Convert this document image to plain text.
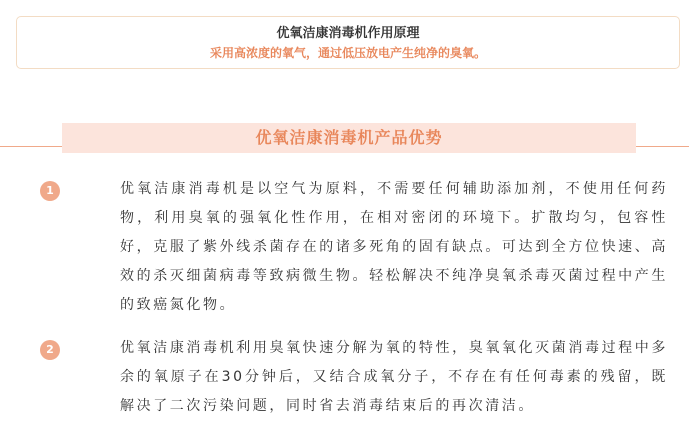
优氧洁康消毒机作用原理
采用高浓度的氧气，通过低压放电产生纯净的臭氧。
优氧洁康消毒机产品优势
1	优氧洁康消毒机是以空气为原料，不需要任何辅助添加剂，不使用任何药物，利用臭氧的强氧化性作用，在相对密闭的环境下。扩散均匀，包容性好，克服了紫外线杀菌存在的诸多死角的固有缺点。可达到全方位快速、高效的杀灭细菌病毒等致病微生物。轻松解决不纯净臭氧杀毒灭菌过程中产生的致癌氮化物。

2	优氧洁康消毒机利用臭氧快速分解为氧的特性，臭氧氧化灭菌消毒过程中多余的氧原子在30分钟后，又结合成氧分子，不存在有任何毒素的残留，既解决了二次污染问题，同时省去消毒结束后的再次清洁。
